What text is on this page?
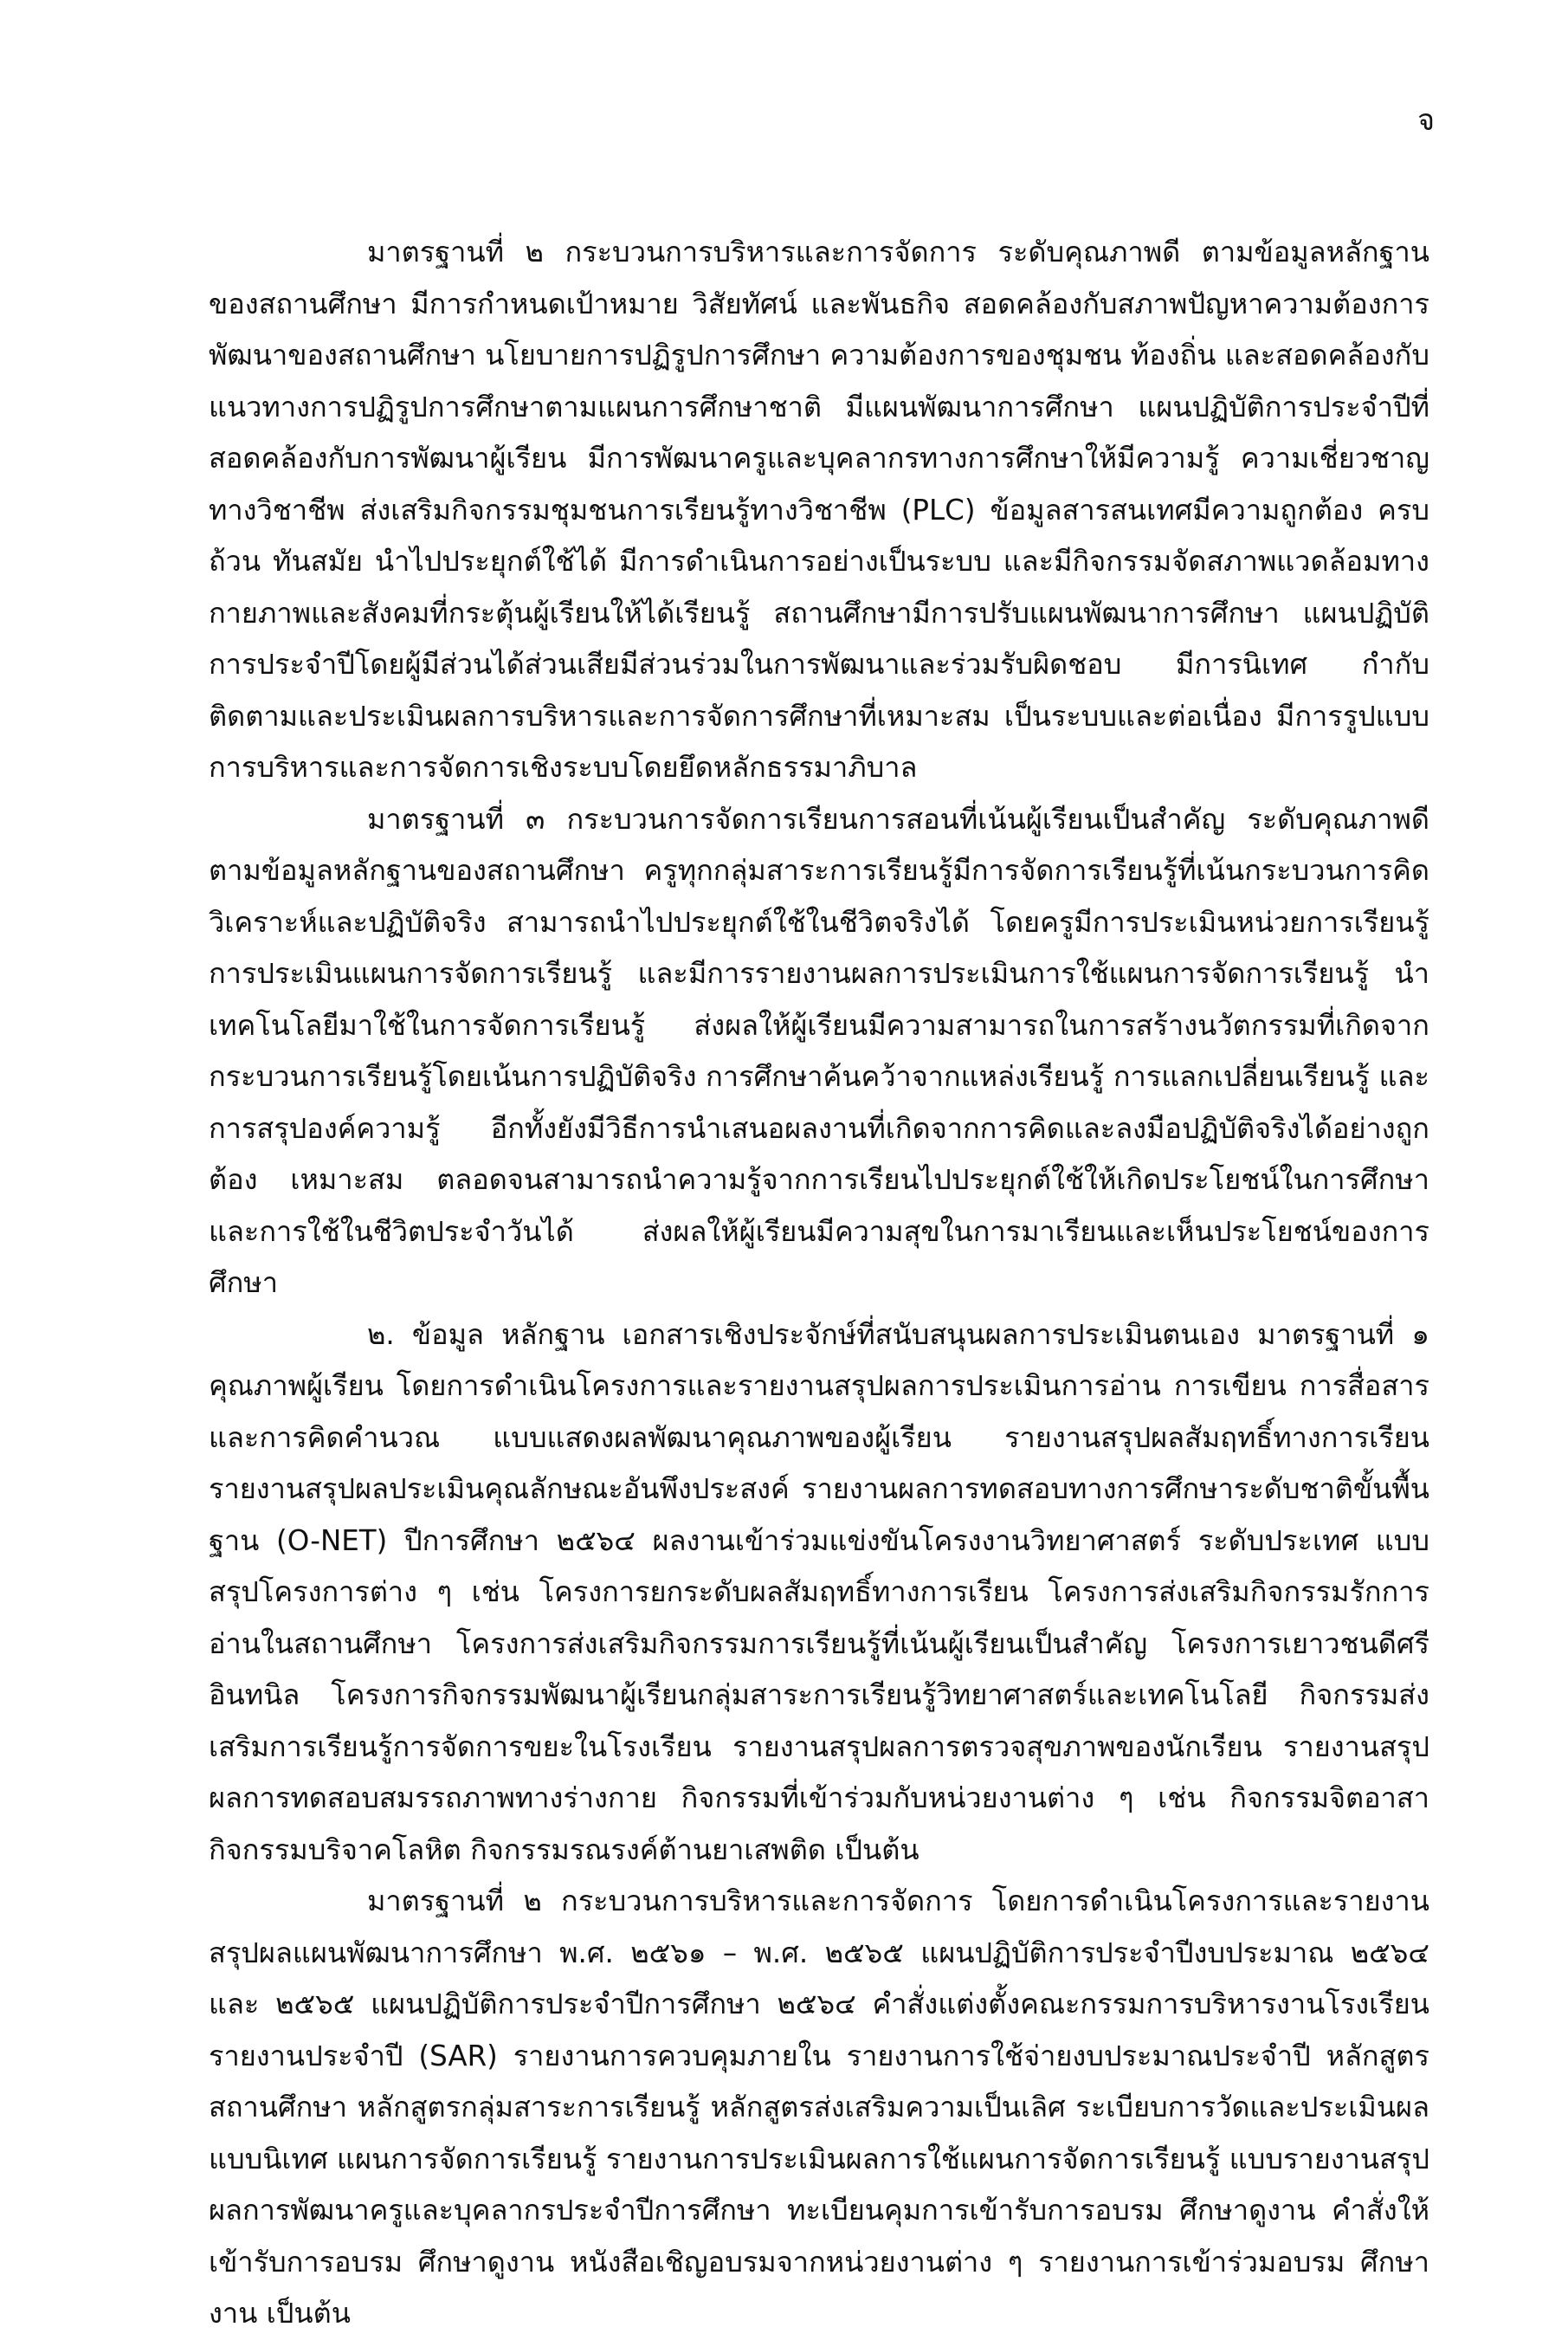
จ

มาตรฐานที่ ๒ กระบวนการบริหารและการจัดการ ระดับคุณภาพดี ตามข้อมูลหลักฐานของสถานศึกษา มีการกำหนดเป้าหมาย วิสัยทัศน์ และพันธกิจ สอดคล้องกับสภาพปัญหาความต้องการพัฒนาของสถานศึกษา นโยบายการปฏิรูปการศึกษา ความต้องการของชุมชน ท้องถิ่น และสอดคล้องกับแนวทางการปฏิรูปการศึกษาตามแผนการศึกษาชาติ มีแผนพัฒนาการศึกษา แผนปฏิบัติการประจำปีที่สอดคล้องกับการพัฒนาผู้เรียน มีการพัฒนาครูและบุคลากรทางการศึกษาให้มีความรู้ ความเชี่ยวชาญทางวิชาชีพ ส่งเสริมกิจกรรมชุมชนการเรียนรู้ทางวิชาชีพ (PLC) ข้อมูลสารสนเทศมีความถูกต้อง ครบถ้วน ทันสมัย นำไปประยุกต์ใช้ได้ มีการดำเนินการอย่างเป็นระบบ และมีกิจกรรมจัดสภาพแวดล้อมทางกายภาพและสังคมที่กระตุ้นผู้เรียนให้ได้เรียนรู้ สถานศึกษามีการปรับแผนพัฒนาการศึกษา แผนปฏิบัติการประจำปีโดยผู้มีส่วนได้ส่วนเสียมีส่วนร่วมในการพัฒนาและร่วมรับผิดชอบ มีการนิเทศ กำกับ ติดตามและประเมินผลการบริหารและการจัดการศึกษาที่เหมาะสม เป็นระบบและต่อเนื่อง มีการรูปแบบการบริหารและการจัดการเชิงระบบโดยยึดหลักธรรมาภิบาล

มาตรฐานที่ ๓ กระบวนการจัดการเรียนการสอนที่เน้นผู้เรียนเป็นสำคัญ ระดับคุณภาพดี ตามข้อมูลหลักฐานของสถานศึกษา ครูทุกกลุ่มสาระการเรียนรู้มีการจัดการเรียนรู้ที่เน้นกระบวนการคิดวิเคราะห์และปฏิบัติจริง สามารถนำไปประยุกต์ใช้ในชีวิตจริงได้ โดยครูมีการประเมินหน่วยการเรียนรู้ การประเมินแผนการจัดการเรียนรู้ และมีการรายงานผลการประเมินการใช้แผนการจัดการเรียนรู้ นำเทคโนโลยีมาใช้ในการจัดการเรียนรู้ ส่งผลให้ผู้เรียนมีความสามารถในการสร้างนวัตกรรมที่เกิดจากกระบวนการเรียนรู้โดยเน้นการปฏิบัติจริง การศึกษาค้นคว้าจากแหล่งเรียนรู้ การแลกเปลี่ยนเรียนรู้ และการสรุปองค์ความรู้ อีกทั้งยังมีวิธีการนำเสนอผลงานที่เกิดจากการคิดและลงมือปฏิบัติจริงได้อย่างถูกต้อง เหมาะสม ตลอดจนสามารถนำความรู้จากการเรียนไปประยุกต์ใช้ให้เกิดประโยชน์ในการศึกษาและการใช้ในชีวิตประจำวันได้ ส่งผลให้ผู้เรียนมีความสุขในการมาเรียนและเห็นประโยชน์ของการศึกษา

๒. ข้อมูล หลักฐาน เอกสารเชิงประจักษ์ที่สนับสนุนผลการประเมินตนเอง มาตรฐานที่ ๑ คุณภาพผู้เรียน โดยการดำเนินโครงการและรายงานสรุปผลการประเมินการอ่าน การเขียน การสื่อสารและการคิดคำนวณ แบบแสดงผลพัฒนาคุณภาพของผู้เรียน รายงานสรุปผลสัมฤทธิ์ทางการเรียน รายงานสรุปผลประเมินคุณลักษณะอันพึงประสงค์ รายงานผลการทดสอบทางการศึกษาระดับชาติขั้นพื้นฐาน (O-NET) ปีการศึกษา ๒๕๖๔ ผลงานเข้าร่วมแข่งขันโครงงานวิทยาศาสตร์ ระดับประเทศ แบบสรุปโครงการต่าง ๆ เช่น โครงการยกระดับผลสัมฤทธิ์ทางการเรียน โครงการส่งเสริมกิจกรรมรักการอ่านในสถานศึกษา โครงการส่งเสริมกิจกรรมการเรียนรู้ที่เน้นผู้เรียนเป็นสำคัญ โครงการเยาวชนดีศรีอินทนิล โครงการกิจกรรมพัฒนาผู้เรียนกลุ่มสาระการเรียนรู้วิทยาศาสตร์และเทคโนโลยี กิจกรรมส่งเสริมการเรียนรู้การจัดการขยะในโรงเรียน รายงานสรุปผลการตรวจสุขภาพของนักเรียน รายงานสรุปผลการทดสอบสมรรถภาพทางร่างกาย กิจกรรมที่เข้าร่วมกับหน่วยงานต่าง ๆ เช่น กิจกรรมจิตอาสา กิจกรรมบริจาคโลหิต กิจกรรมรณรงค์ต้านยาเสพติด เป็นต้น

มาตรฐานที่ ๒ กระบวนการบริหารและการจัดการ โดยการดำเนินโครงการและรายงานสรุปผลแผนพัฒนาการศึกษา พ.ศ. ๒๕๖๑ – พ.ศ. ๒๕๖๕ แผนปฏิบัติการประจำปีงบประมาณ ๒๕๖๔ และ ๒๕๖๕ แผนปฏิบัติการประจำปีการศึกษา ๒๕๖๔ คำสั่งแต่งตั้งคณะกรรมการบริหารงานโรงเรียน รายงานประจำปี (SAR) รายงานการควบคุมภายใน รายงานการใช้จ่ายงบประมาณประจำปี หลักสูตรสถานศึกษา หลักสูตรกลุ่มสาระการเรียนรู้ หลักสูตรส่งเสริมความเป็นเลิศ ระเบียบการวัดและประเมินผล แบบนิเทศ แผนการจัดการเรียนรู้ รายงานการประเมินผลการใช้แผนการจัดการเรียนรู้ แบบรายงานสรุปผลการพัฒนาครูและบุคลากรประจำปีการศึกษา ทะเบียนคุมการเข้ารับการอบรม ศึกษาดูงาน คำสั่งให้เข้ารับการอบรม ศึกษาดูงาน หนังสือเชิญอบรมจากหน่วยงานต่าง ๆ รายงานการเข้าร่วมอบรม ศึกษางาน เป็นต้น
